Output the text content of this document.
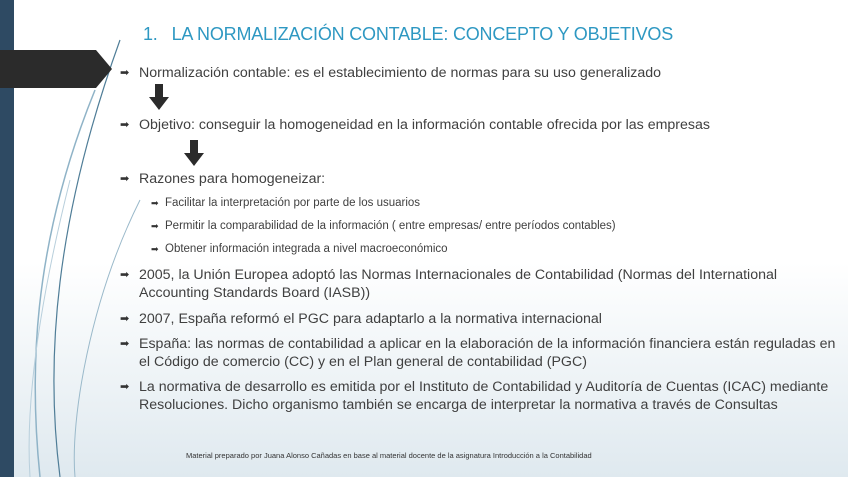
1. LA NORMALIZACIÓN CONTABLE: CONCEPTO Y OBJETIVOS
➡ Normalización contable: es el establecimiento de normas para su uso generalizado
➡ Objetivo: conseguir la homogeneidad en la información contable ofrecida por las empresas
➡ Razones para homogeneizar:
➡ Facilitar la interpretación por parte de los usuarios
➡ Permitir la comparabilidad de la información ( entre empresas/ entre períodos contables)
➡ Obtener información integrada a nivel macroeconómico
➡ 2005, la Unión Europea adoptó las Normas Internacionales de Contabilidad (Normas del International Accounting Standards Board (IASB))
➡ 2007, España reformó el PGC para adaptarlo a la normativa internacional
➡ España: las normas de contabilidad a aplicar en la elaboración de la información financiera están reguladas en el Código de comercio (CC) y en el Plan general de contabilidad (PGC)
➡ La normativa de desarrollo es emitida por el Instituto de Contabilidad y Auditoría de Cuentas (ICAC) mediante Resoluciones. Dicho organismo también se encarga de interpretar la normativa a través de Consultas
Material preparado por Juana Alonso Cañadas en base al material docente de la asignatura Introducción a la Contabilidad
